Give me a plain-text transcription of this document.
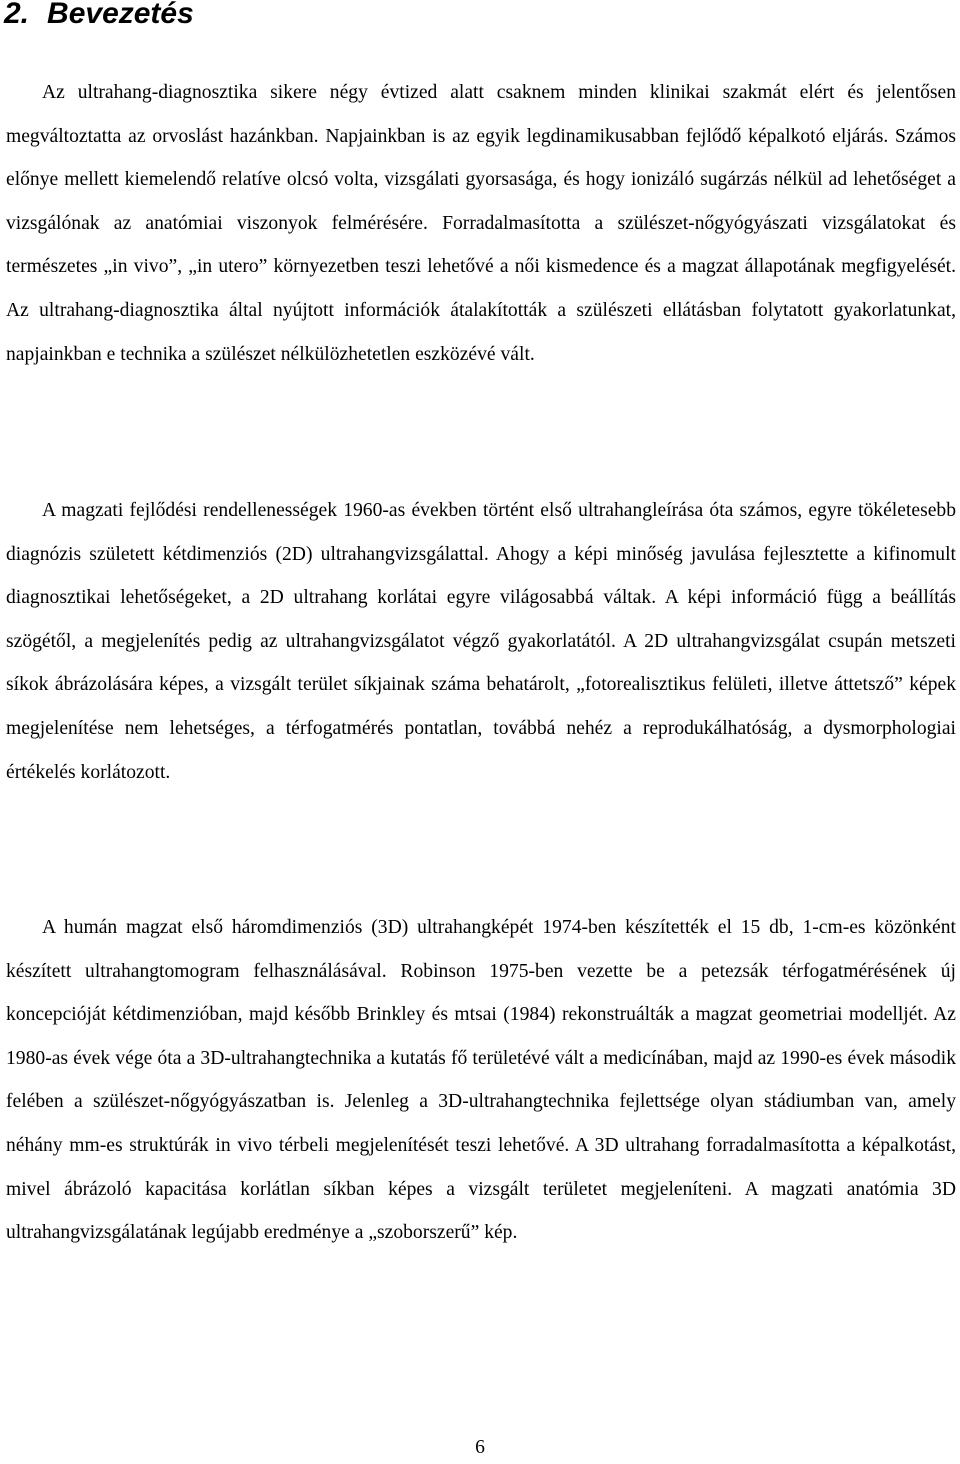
2. Bevezetés

Az ultrahang-diagnosztika sikere négy évtized alatt csaknem minden klinikai szakmát elért és jelentősen megváltoztatta az orvoslást hazánkban. Napjainkban is az egyik legdinamikusabban fejlődő képalkotó eljárás. Számos előnye mellett kiemelendő relatíve olcsó volta, vizsgálati gyorsasága, és hogy ionizáló sugárzás nélkül ad lehetőséget a vizsgálónak az anatómiai viszonyok felmérésére. Forradalmasította a szülészet-nőgyógyászati vizsgálatokat és természetes „in vivo”, „in utero” környezetben teszi lehetővé a női kismedence és a magzat állapotának megfigyelését. Az ultrahang-diagnosztika által nyújtott információk átalakították a szülészeti ellátásban folytatott gyakorlatunkat, napjainkban e technika a szülészet nélkülözhetetlen eszközévé vált.

A magzati fejlődési rendellenességek 1960-as években történt első ultrahangleírása óta számos, egyre tökéletesebb diagnózis született kétdimenziós (2D) ultrahangvizsgálattal. Ahogy a képi minőség javulása fejlesztette a kifinomult diagnosztikai lehetőségeket, a 2D ultrahang korlátai egyre világosabbá váltak. A képi információ függ a beállítás szögétől, a megjelenítés pedig az ultrahangvizsgálatot végző gyakorlatától. A 2D ultrahangvizsgálat csupán metszeti síkok ábrázolására képes, a vizsgált terület síkjainak száma behatárolt, „fotorealisztikus felületi, illetve áttetsző” képek megjelenítése nem lehetséges, a térfogatmérés pontatlan, továbbá nehéz a reprodukálhatóság, a dysmorphologiai értékelés korlátozott.

A humán magzat első háromdimenziós (3D) ultrahangképét 1974-ben készítették el 15 db, 1-cm-es közönként készített ultrahangtomogram felhasználásával. Robinson 1975-ben vezette be a petezsák térfogatmérésének új koncepcióját kétdimenzióban, majd később Brinkley és mtsai (1984) rekonstruálták a magzat geometriai modelljét. Az 1980-as évek vége óta a 3D-ultrahangtechnika a kutatás fő területévé vált a medicínában, majd az 1990-es évek második felében a szülészet-nőgyógyászatban is. Jelenleg a 3D-ultrahangtechnika fejlettsége olyan stádiumban van, amely néhány mm-es struktúrák in vivo térbeli megjelenítését teszi lehetővé. A 3D ultrahang forradalmasította a képalkotást, mivel ábrázoló kapacitása korlátlan síkban képes a vizsgált területet megjeleníteni. A magzati anatómia 3D ultrahangvizsgálatának legújabb eredménye a „szoborszerű” kép.

6
